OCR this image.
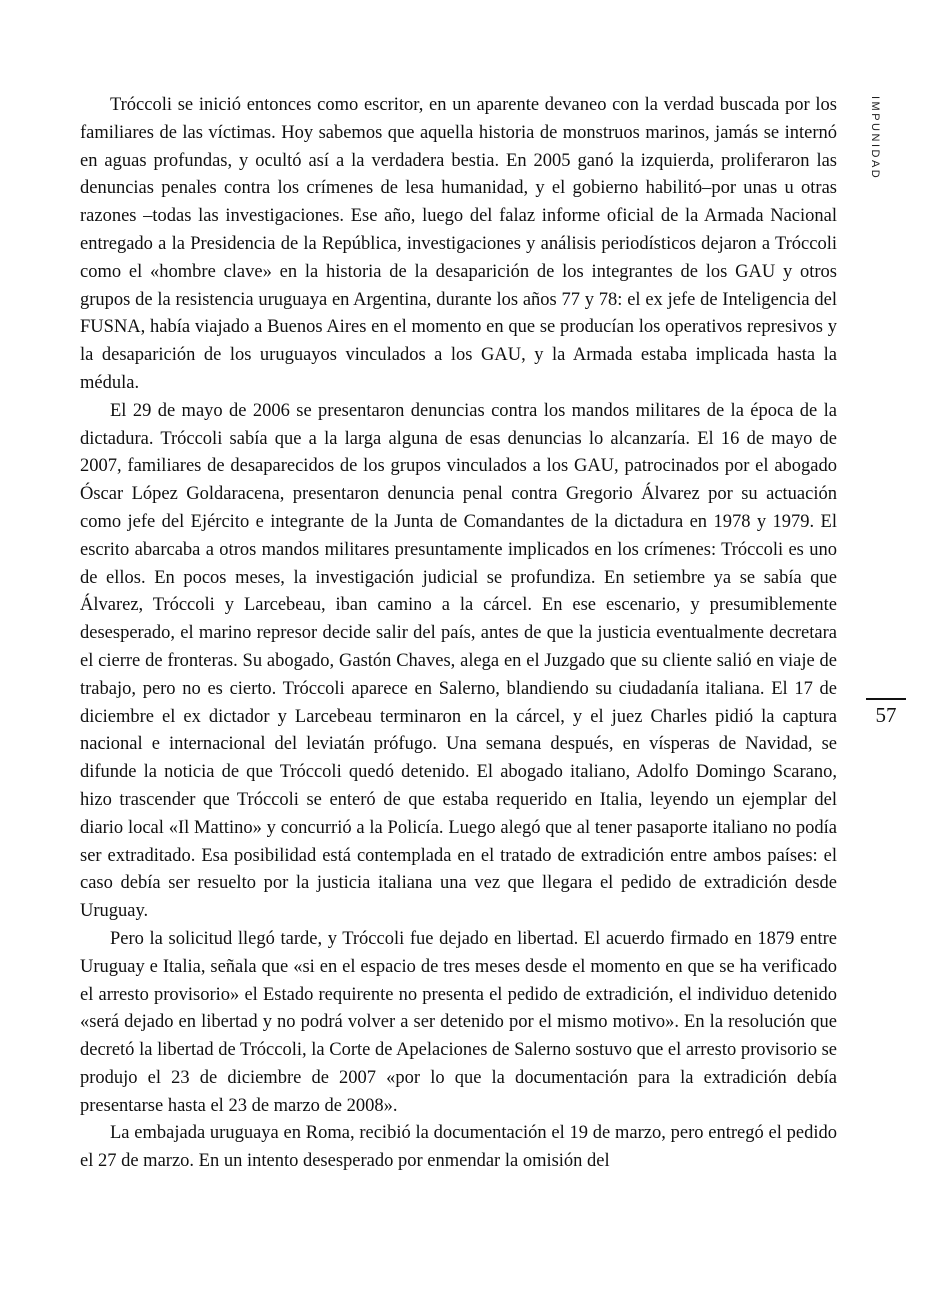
IMPUNIDAD

Tróccoli se inició entonces como escritor, en un aparente devaneo con la verdad buscada por los familiares de las víctimas. Hoy sabemos que aquella historia de monstruos marinos, jamás se internó en aguas profundas, y ocultó así a la verdadera bestia. En 2005 ganó la izquierda, proliferaron las denuncias penales contra los crímenes de lesa humanidad, y el gobierno habilitó–por unas u otras razones –todas las investigaciones. Ese año, luego del falaz informe oficial de la Armada Nacional entregado a la Presidencia de la República, investigaciones y análisis periodísticos dejaron a Tróccoli como el «hombre clave» en la historia de la desaparición de los integrantes de los GAU y otros grupos de la resistencia uruguaya en Argentina, durante los años 77 y 78: el ex jefe de Inteligencia del FUSNA, había viajado a Buenos Aires en el momento en que se producían los operativos represivos y la desaparición de los uruguayos vinculados a los GAU, y la Armada estaba implicada hasta la médula.

El 29 de mayo de 2006 se presentaron denuncias contra los mandos militares de la época de la dictadura. Tróccoli sabía que a la larga alguna de esas denuncias lo alcanzaría. El 16 de mayo de 2007, familiares de desaparecidos de los grupos vinculados a los GAU, patrocinados por el abogado Óscar López Goldaracena, presentaron denuncia penal contra Gregorio Álvarez por su actuación como jefe del Ejército e integrante de la Junta de Comandantes de la dictadura en 1978 y 1979. El escrito abarcaba a otros mandos militares presuntamente implicados en los crímenes: Tróccoli es uno de ellos. En pocos meses, la investigación judicial se profundiza. En setiembre ya se sabía que Álvarez, Tróccoli y Larcebeau, iban camino a la cárcel. En ese escenario, y presumiblemente desesperado, el marino represor decide salir del país, antes de que la justicia eventualmente decretara el cierre de fronteras. Su abogado, Gastón Chaves, alega en el Juzgado que su cliente salió en viaje de trabajo, pero no es cierto. Tróccoli aparece en Salerno, blandiendo su ciudadanía italiana. El 17 de diciembre el ex dictador y Larcebeau terminaron en la cárcel, y el juez Charles pidió la captura nacional e internacional del leviatán prófugo. Una semana después, en vísperas de Navidad, se difunde la noticia de que Tróccoli quedó detenido. El abogado italiano, Adolfo Domingo Scarano, hizo trascender que Tróccoli se enteró de que estaba requerido en Italia, leyendo un ejemplar del diario local «Il Mattino» y concurrió a la Policía. Luego alegó que al tener pasaporte italiano no podía ser extraditado. Esa posibilidad está contemplada en el tratado de extradición entre ambos países: el caso debía ser resuelto por la justicia italiana una vez que llegara el pedido de extradición desde Uruguay.

Pero la solicitud llegó tarde, y Tróccoli fue dejado en libertad. El acuerdo firmado en 1879 entre Uruguay e Italia, señala que «si en el espacio de tres meses desde el momento en que se ha verificado el arresto provisorio» el Estado requirente no presenta el pedido de extradición, el individuo detenido «será dejado en libertad y no podrá volver a ser detenido por el mismo motivo». En la resolución que decretó la libertad de Tróccoli, la Corte de Apelaciones de Salerno sostuvo que el arresto provisorio se produjo el 23 de diciembre de 2007 «por lo que la documentación para la extradición debía presentarse hasta el 23 de marzo de 2008».

La embajada uruguaya en Roma, recibió la documentación el 19 de marzo, pero entregó el pedido el 27 de marzo. En un intento desesperado por enmendar la omisión del

57
